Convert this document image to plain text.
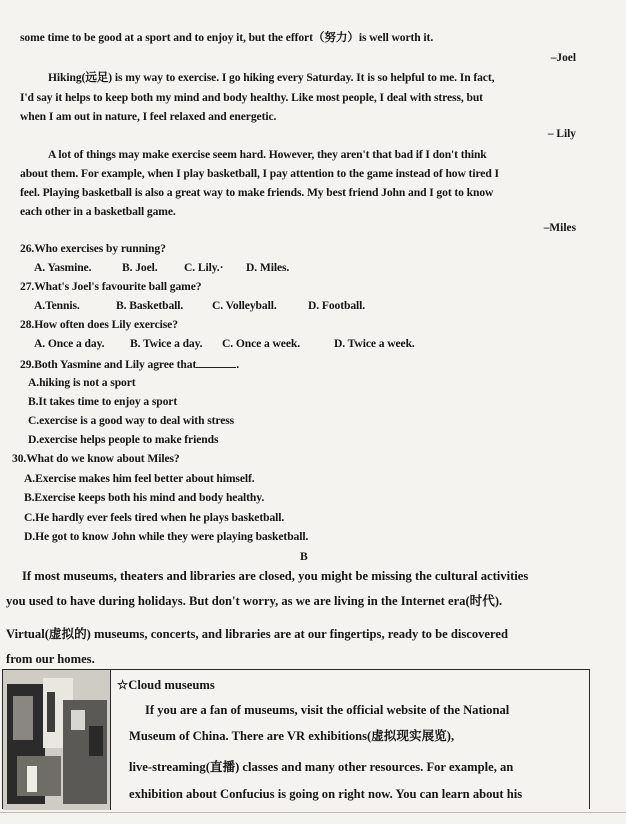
some time to be good at a sport and to enjoy it, but the effort（努力）is well worth it.
–Joel
Hiking(远足) is my way to exercise. I go hiking every Saturday. It is so helpful to me. In fact,
I'd say it helps to keep both my mind and body healthy. Like most people, I deal with stress, but
when I am out in nature, I feel relaxed and energetic.
– Lily
A lot of things may make exercise seem hard. However, they aren't that bad if I don't think
about them. For example, when I play basketball, I pay attention to the game instead of how tired I
feel. Playing basketball is also a great way to make friends. My best friend John and I got to know
each other in a basketball game.
–Miles
26.Who exercises by running?
A. Yasmine.	B. Joel. C. Lily.· D. Miles.
27.What's Joel's favourite ball game?
A.Tennis.	B. Basketball. C. Volleyball.	D. Football.
28.How often does Lily exercise?
A. Once a day. B. Twice a day. C. Once a week.	D. Twice a week.
29.Both Yasmine and Lily agree that	.
A.hiking is not a sport
B.It takes time to enjoy a sport
C.exercise is a good way to deal with stress
D.exercise helps people to make friends
30.What do we know about Miles?
A.Exercise makes him feel better about himself.
B.Exercise keeps both his mind and body healthy.
C.He hardly ever feels tired when he plays basketball.
D.He got to know John while they were playing basketball.
B
If most museums, theaters and libraries are closed, you might be missing the cultural activities
you used to have during holidays. But don't worry, as we are living in the Internet era(时代).
Virtual(虚拟的) museums, concerts, and libraries are at our fingertips, ready to be discovered
from our homes.
☆Cloud museums
If you are a fan of museums, visit the official website of the National
Museum of China. There are VR exhibitions(虚拟现实展览),
live-streaming(直播) classes and many other resources. For example, an
exhibition about Confucius is going on right now. You can learn about his
